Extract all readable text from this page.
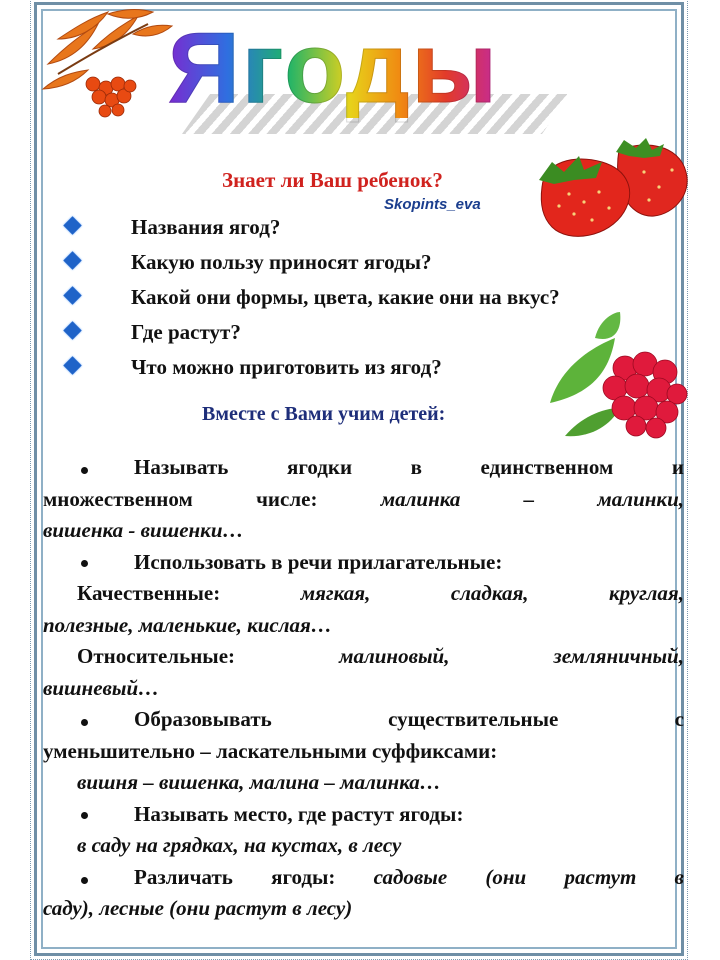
Ягоды
Знает ли Ваш ребенок?
Skopints_eva
Названия ягод?
Какую пользу приносят ягоды?
Какой они формы, цвета, какие они на вкус?
Где растут?
Что можно приготовить из ягод?
Вместе с Вами учим детей:
Называть	ягодки	в	единственном	и
множественном	числе:	малинка	–	малинки,
вишенка - вишенки…
Использовать в речи прилагательные:
Качественные:	мягкая,	сладкая,	круглая,
полезные, маленькие, кислая…
Относительные:	малиновый,	земляничный,
вишневый…
Образовывать	существительные	с
уменьшительно – ласкательными суффиксами:
вишня – вишенка, малина – малинка…
Называть место, где растут ягоды:
в саду на грядках, на кустах, в лесу
Различать ягоды: садовые (они растут в
саду), лесные (они растут в лесу)
